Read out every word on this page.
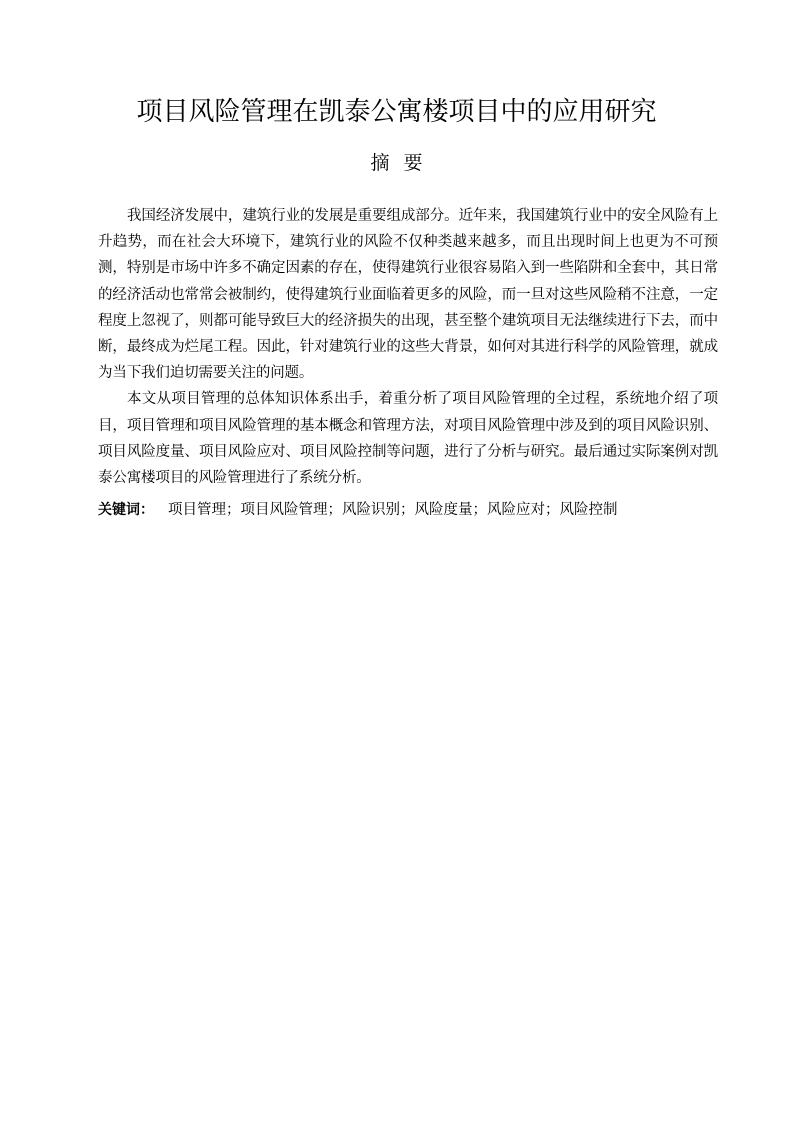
项目风险管理在凯泰公寓楼项目中的应用研究
摘要

我国经济发展中，建筑行业的发展是重要组成部分。近年来，我国建筑行业中的安全风险有上升趋势，而在社会大环境下，建筑行业的风险不仅种类越来越多，而且出现时间上也更为不可预测，特别是市场中许多不确定因素的存在，使得建筑行业很容易陷入到一些陷阱和全套中，其日常的经济活动也常常会被制约，使得建筑行业面临着更多的风险，而一旦对这些风险稍不注意，一定程度上忽视了，则都可能导致巨大的经济损失的出现，甚至整个建筑项目无法继续进行下去，而中断，最终成为烂尾工程。因此，针对建筑行业的这些大背景，如何对其进行科学的风险管理，就成为当下我们迫切需要关注的问题。

本文从项目管理的总体知识体系出手，着重分析了项目风险管理的全过程，系统地介绍了项目，项目管理和项目风险管理的基本概念和管理方法，对项目风险管理中涉及到的项目风险识别、项目风险度量、项目风险应对、项目风险控制等问题，进行了分析与研究。最后通过实际案例对凯泰公寓楼项目的风险管理进行了系统分析。

关键词： 项目管理；项目风险管理；风险识别；风险度量；风险应对；风险控制
